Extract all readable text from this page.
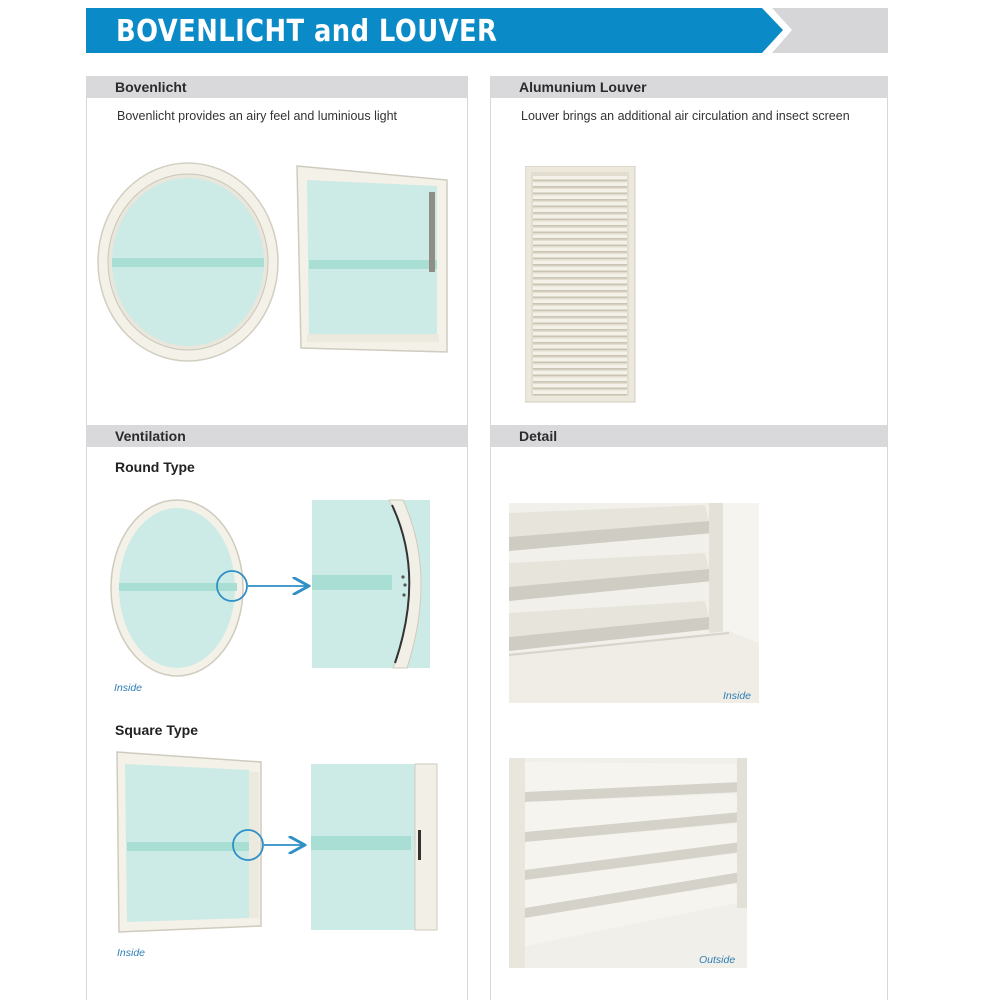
BOVENLICHT and LOUVER
Bovenlicht
Bovenlicht provides an airy feel and luminious light
Alumunium Louver
Louver brings an additional air circulation and insect screen
Ventilation
Round Type
Inside
Square Type
Inside
Detail
Inside
Outside
